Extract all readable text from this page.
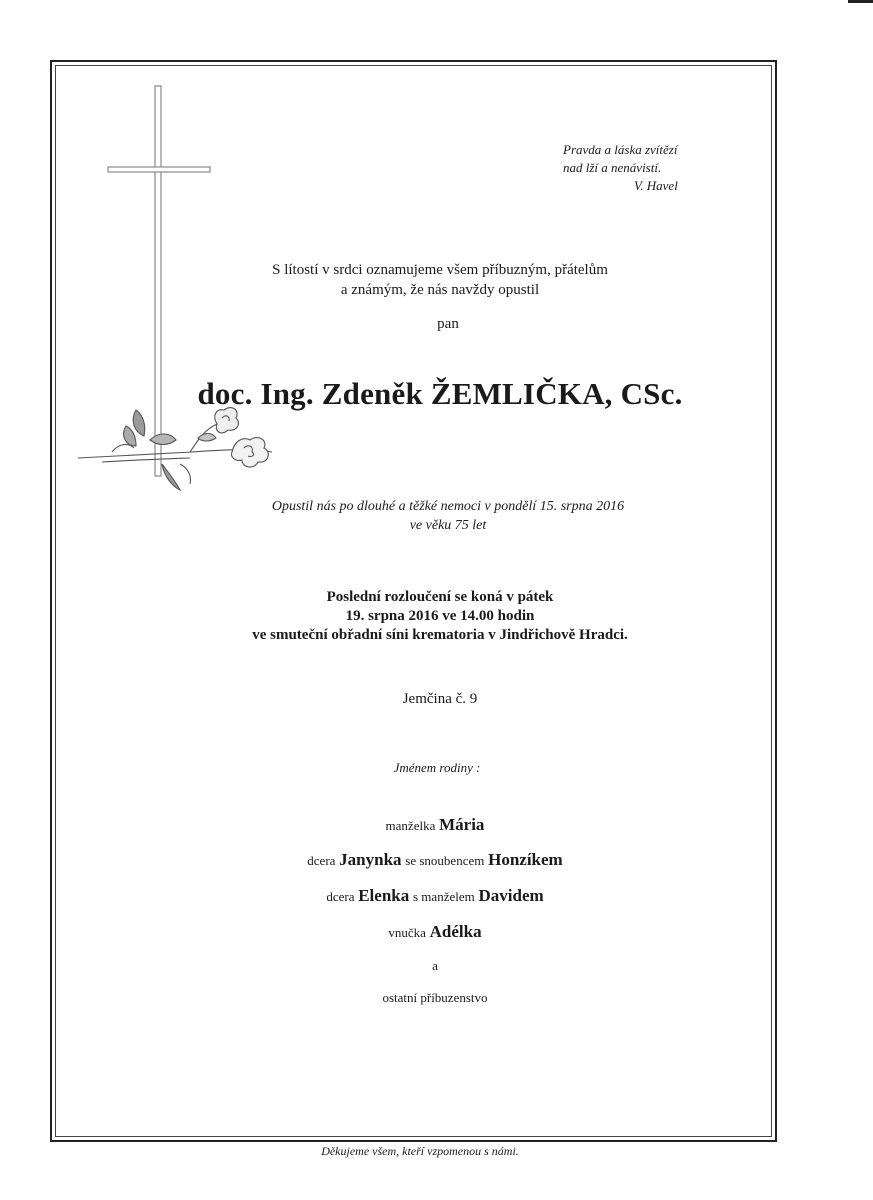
Pravda a láska zvítězí
nad lží a nenávistí.
V. Havel
S lítostí v srdci oznamujeme všem příbuzným, přátelům
a známým, že nás navždy opustil
pan
doc. Ing. Zdeněk ŽEMLIČKA, CSc.
Opustil nás po dlouhé a těžké nemoci v pondělí 15. srpna 2016
ve věku 75 let
Poslední rozloučení se koná v pátek
19. srpna 2016 ve 14.00 hodin
ve smuteční obřadní síni krematoria v Jindřichově Hradci.
Jemčina č. 9
Jménem rodiny :
manželka Mária
dcera Janynka se snoubencem Honzíkem
dcera Elenka s manželem Davidem
vnučka Adélka
a
ostatní příbuzenstvo
Děkujeme všem, kteří vzpomenou s námi.
